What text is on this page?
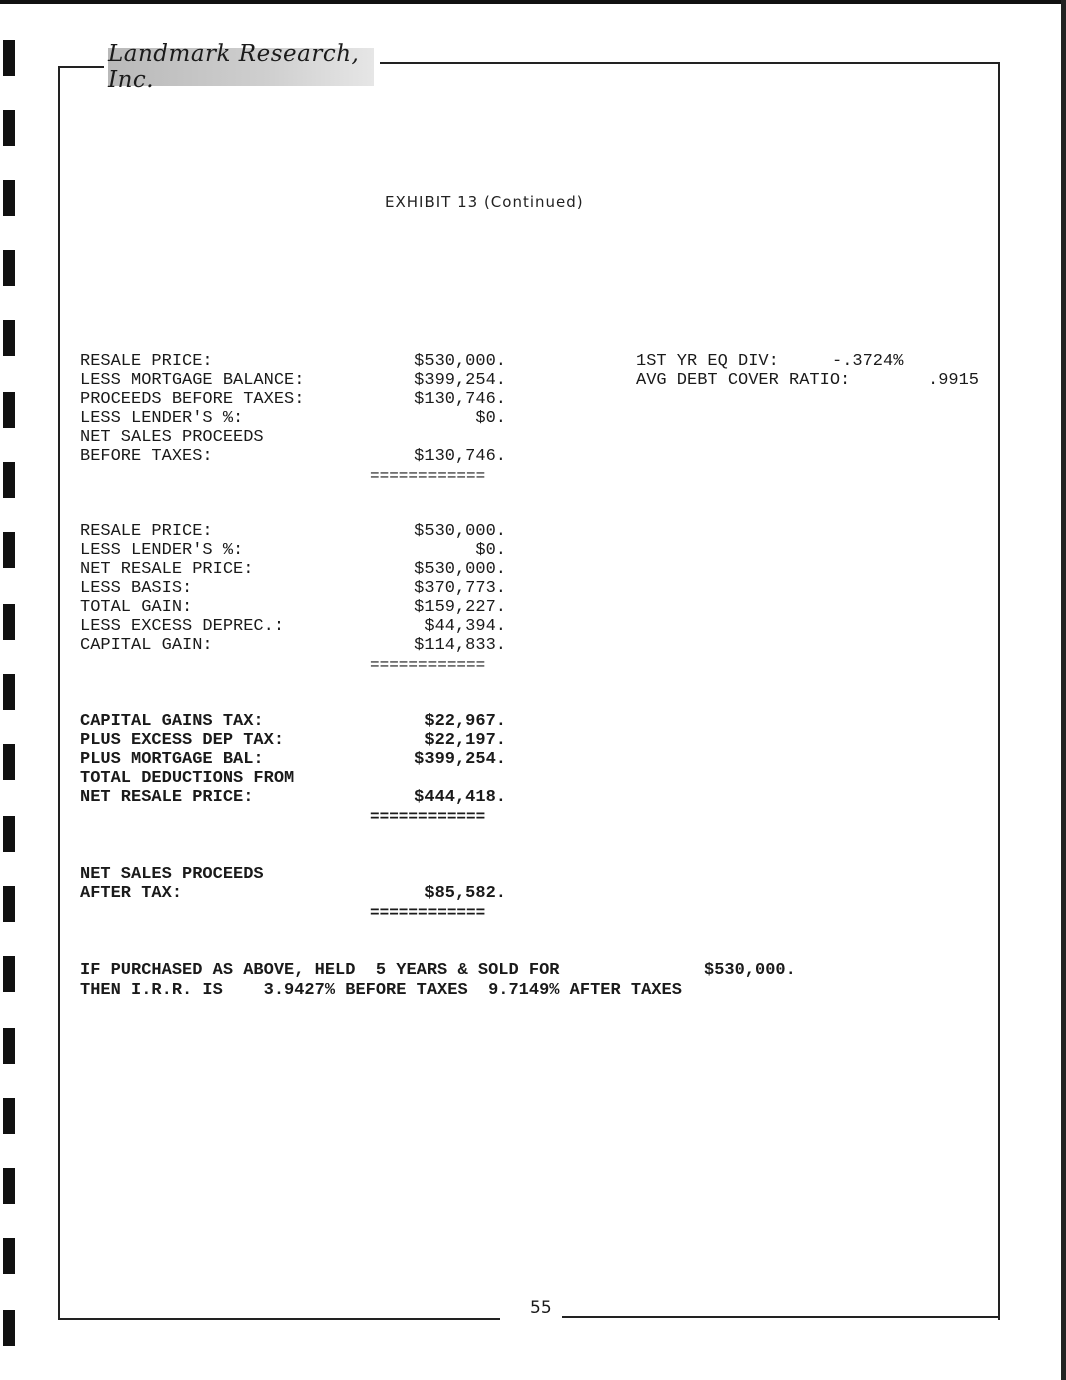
Landmark Research, Inc.
EXHIBIT 13 (Continued)
RESALE PRICE:	$530,000.
LESS MORTGAGE BALANCE:	$399,254.
PROCEEDS BEFORE TAXES:	$130,746.
LESS LENDER'S %:	$0.
NET SALES PROCEEDS
BEFORE TAXES:	$130,746.
============
1ST YR EQ DIV:	-.3724%
AVG DEBT COVER RATIO:	.9915
RESALE PRICE:	$530,000.
LESS LENDER'S %:	$0.
NET RESALE PRICE:	$530,000.
LESS BASIS:	$370,773.
TOTAL GAIN:	$159,227.
LESS EXCESS DEPREC.:	$44,394.
CAPITAL GAIN:	$114,833.
============
CAPITAL GAINS TAX:	$22,967.
PLUS EXCESS DEP TAX:	$22,197.
PLUS MORTGAGE BAL:	$399,254.
TOTAL DEDUCTIONS FROM
NET RESALE PRICE:	$444,418.
============
NET SALES PROCEEDS
AFTER TAX:	$85,582.
============
IF PURCHASED AS ABOVE, HELD  5 YEARS & SOLD FOR	$530,000.
THEN I.R.R. IS    3.9427% BEFORE TAXES  9.7149% AFTER TAXES
55
